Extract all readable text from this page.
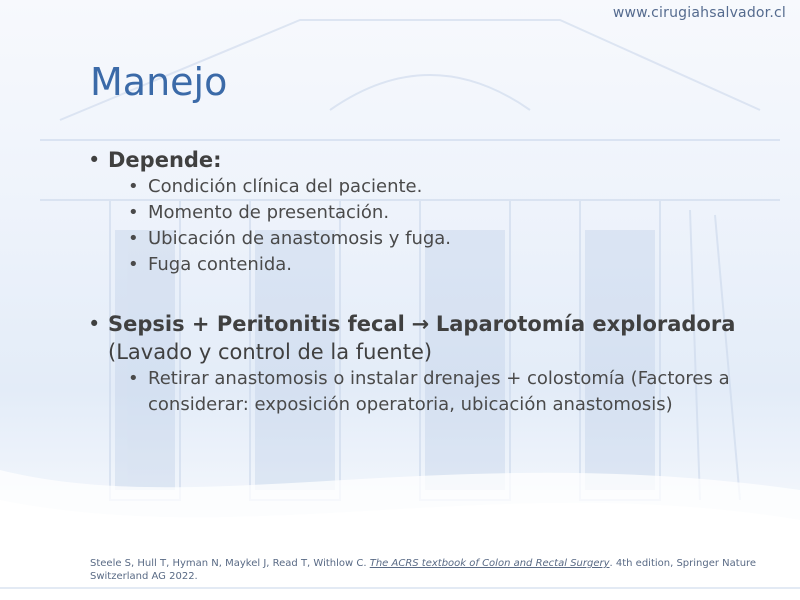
www.cirugiahsalvador.cl
Manejo
• Depende:
• Condición clínica del paciente.
• Momento de presentación.
• Ubicación de anastomosis y fuga.
• Fuga contenida.
• Sepsis + Peritonitis fecal → Laparotomía exploradora (Lavado y control de la fuente)
• Retirar anastomosis o instalar drenajes + colostomía (Factores a considerar: exposición operatoria, ubicación anastomosis)
Steele S, Hull T, Hyman N, Maykel J, Read T, Withlow C. The ACRS textbook of Colon and Rectal Surgery. 4th edition, Springer Nature Switzerland AG 2022.
